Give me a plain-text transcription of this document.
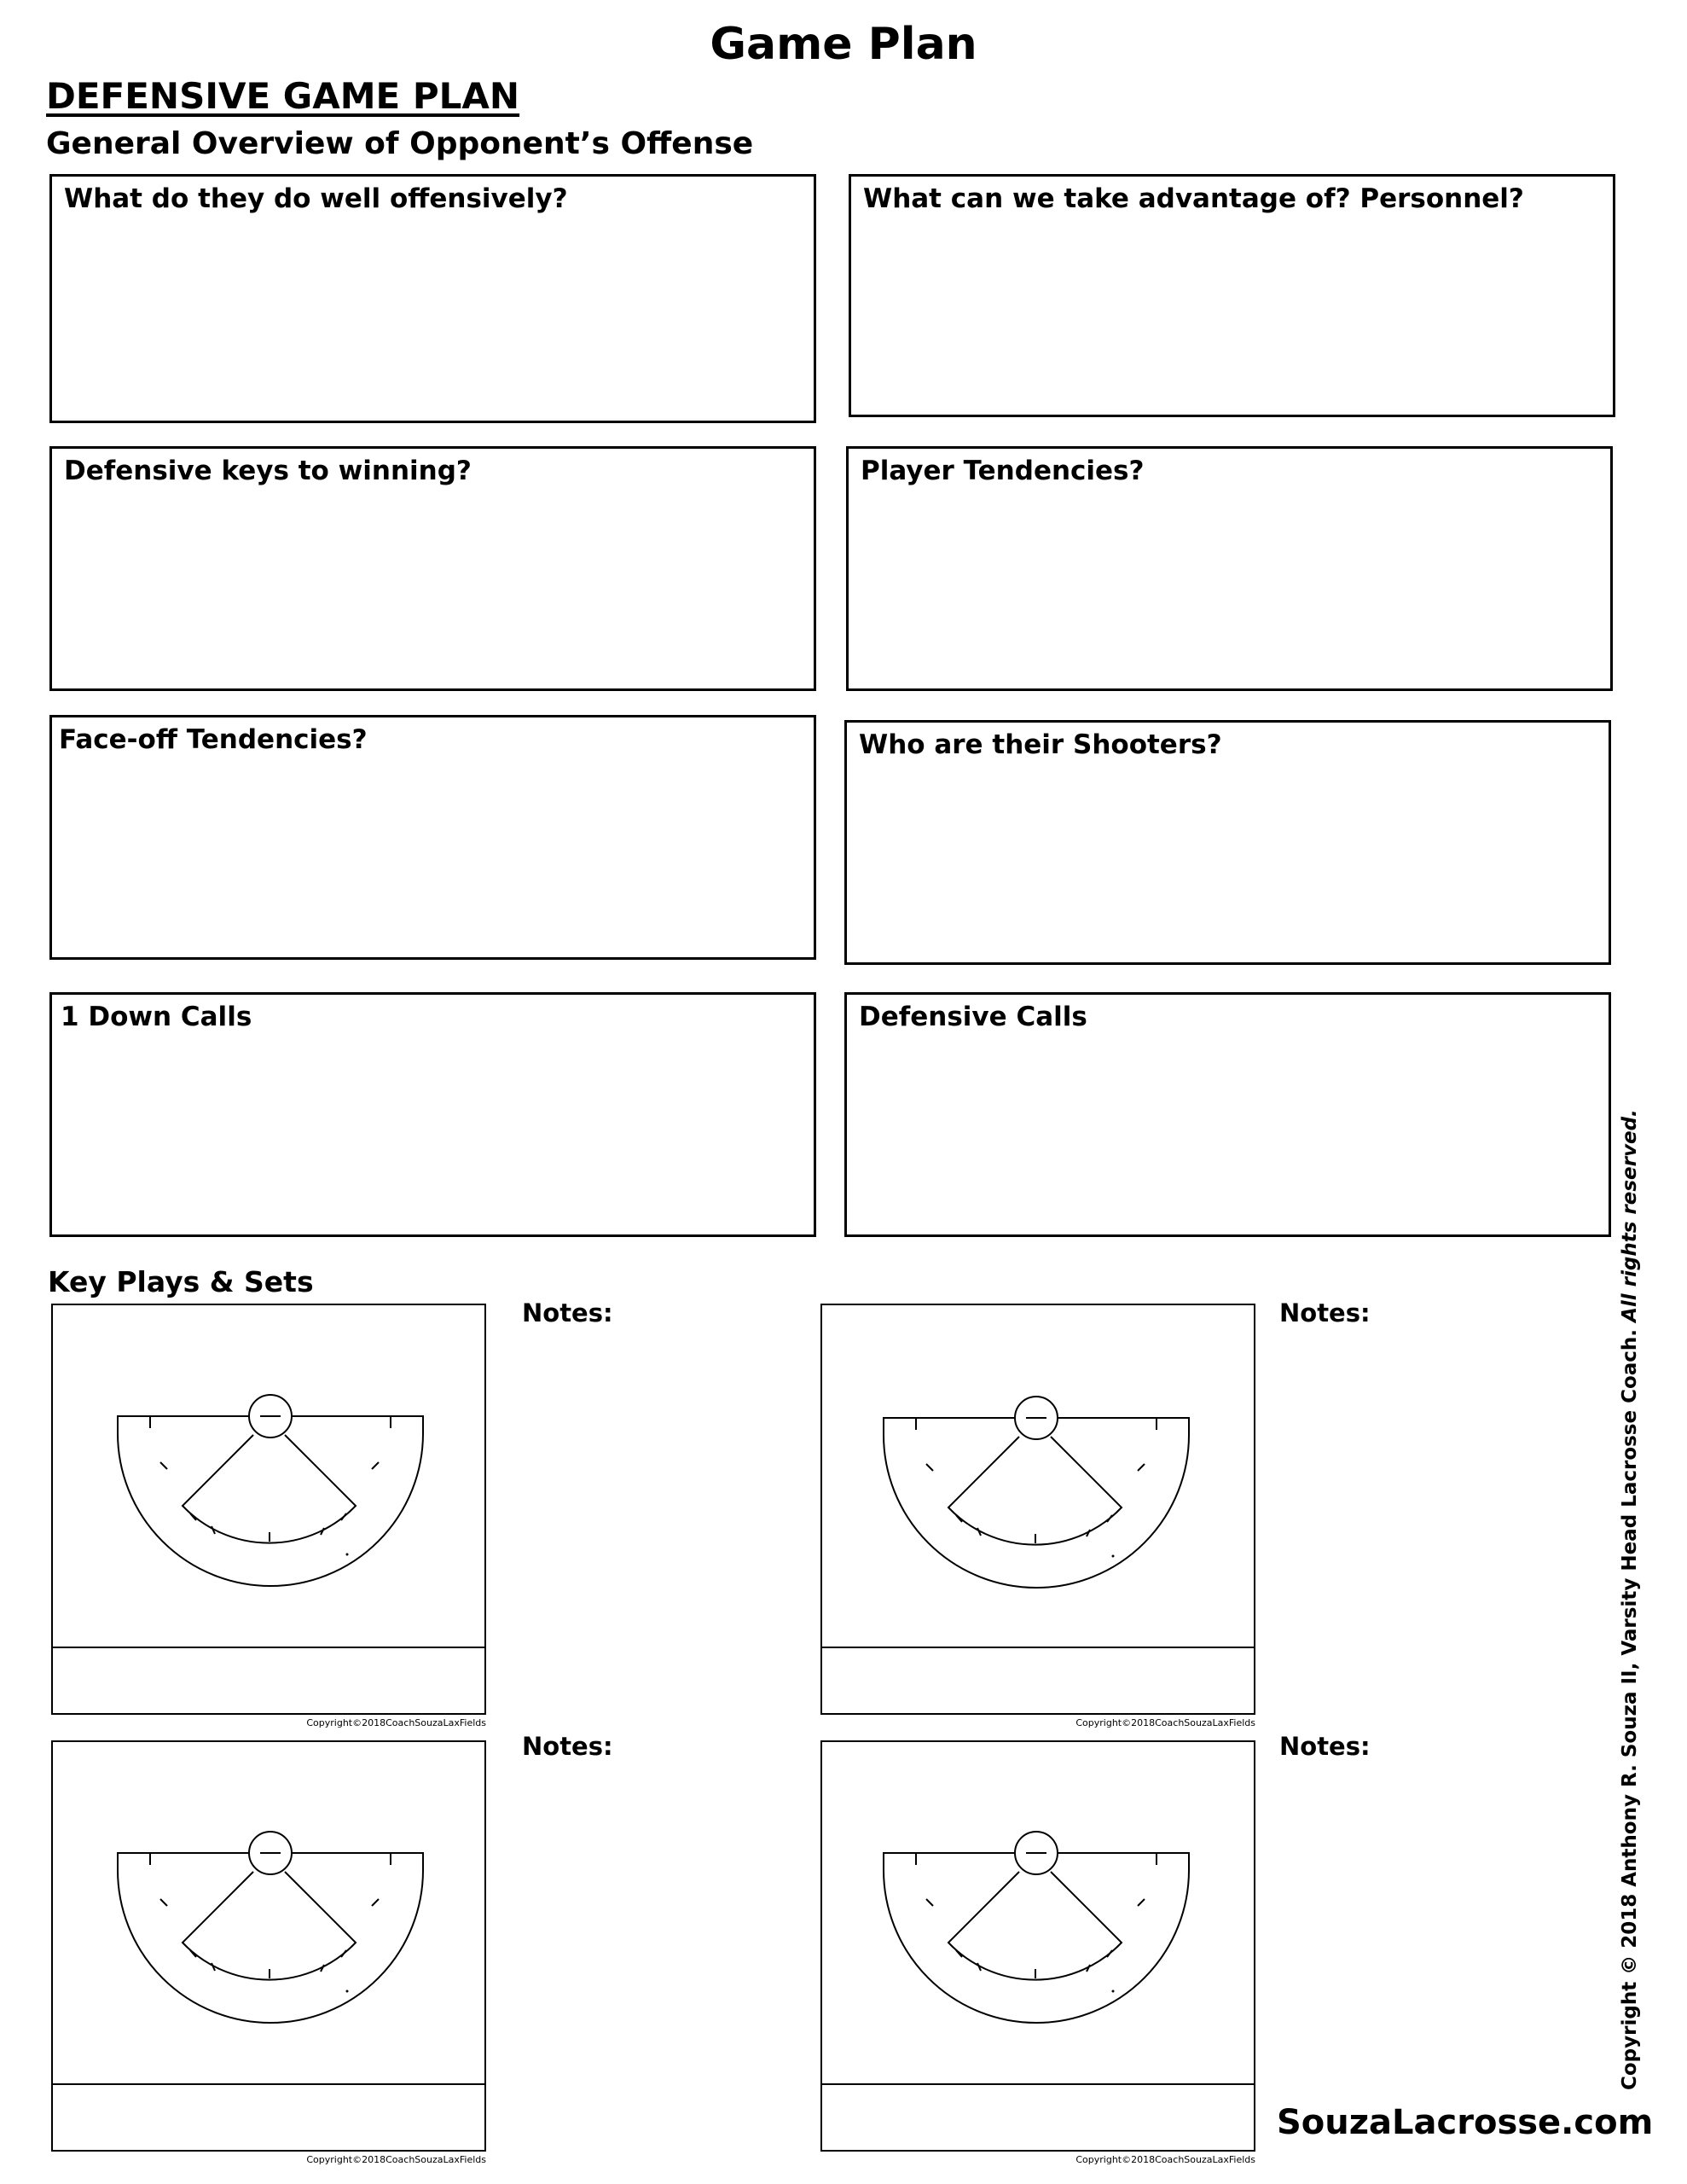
Game Plan
DEFENSIVE GAME PLAN
General Overview of Opponent’s Offense
What do they do well offensively?	What can we take advantage of? Personnel?
Defensive keys to winning?	Player Tendencies?
Face-off Tendencies?	Who are their Shooters?
1 Down Calls	Defensive Calls
Key Plays & Sets
Copyright©2018CoachSouzaLaxFields	Copyright©2018CoachSouzaLaxFields
Copyright©2018CoachSouzaLaxFields	Copyright©2018CoachSouzaLaxFields
Notes:	Notes:
Notes:	Notes:	Copyright © 2018 Anthony R. Souza II, Varsity Head Lacrosse Coach. All rights reserved.
SouzaLacrosse.com
